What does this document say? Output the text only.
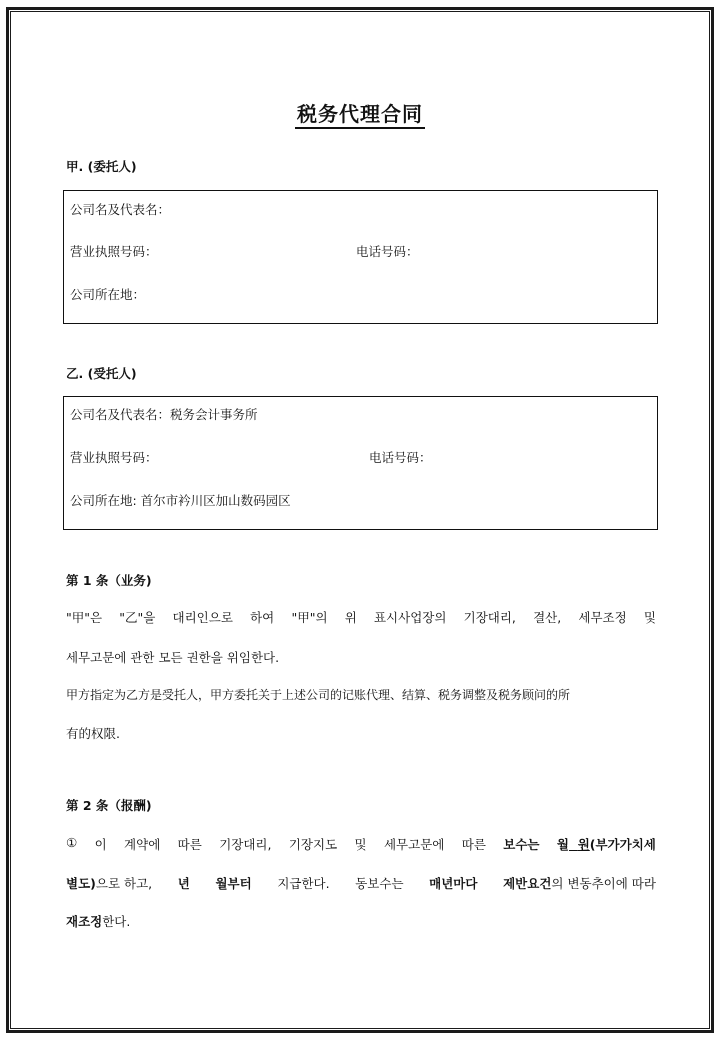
税务代理合同
甲. (委托人)
公司名及代表名：
营业执照号码：	电话号码：
公司所在地：
乙. (受托人)
公司名及代表名：税务会计事务所
营业执照号码：	电话号码：
公司所在地: 首尔市衿川区加山数码园区
第 1 条（业务)
"甲"은 "乙"을 대리인으로 하여 "甲"의 위 표시사업장의 기장대리, 결산, 세무조정 및
세무고문에 관한 모든 권한을 위임한다.
甲方指定为乙方是受托人，甲方委托关于上述公司的记账代理、结算、税务调整及税务顾问的所
有的权限.
第 2 条（报酬)
① 이 계약에 따른 기장대리, 기장지도 및 세무고문에 따른 보수는 월 원(부가가치세
별도)으로 하고, 년 월부터 지급한다. 동보수는 매년마다 제반요건의 변동추이에 따라
재조정한다.
